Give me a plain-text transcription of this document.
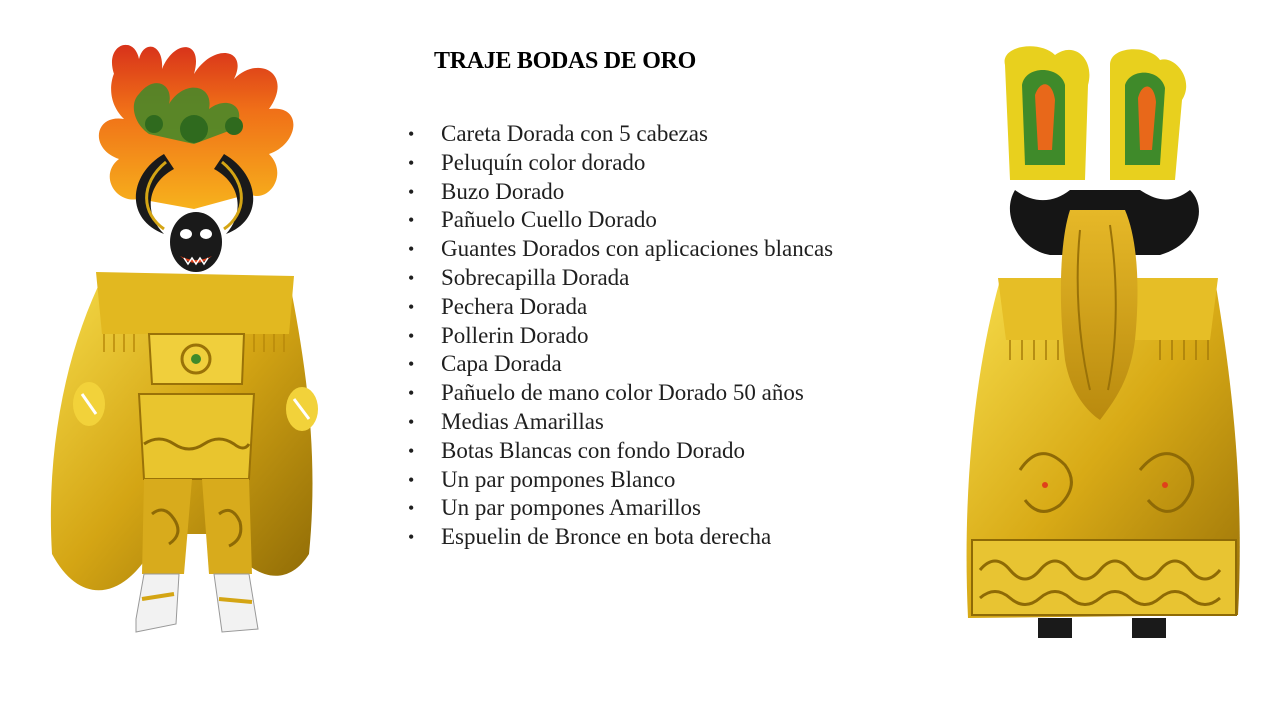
TRAJE BODAS DE ORO
• Careta Dorada con 5 cabezas
• Peluquín color dorado
• Buzo Dorado
• Pañuelo Cuello Dorado
• Guantes Dorados con aplicaciones blancas
• Sobrecapilla Dorada
• Pechera Dorada
• Pollerin Dorado
• Capa Dorada
• Pañuelo de mano color Dorado 50 años
• Medias Amarillas
• Botas Blancas con fondo Dorado
• Un par pompones Blanco
• Un par pompones Amarillos
• Espuelin de Bronce en bota derecha
